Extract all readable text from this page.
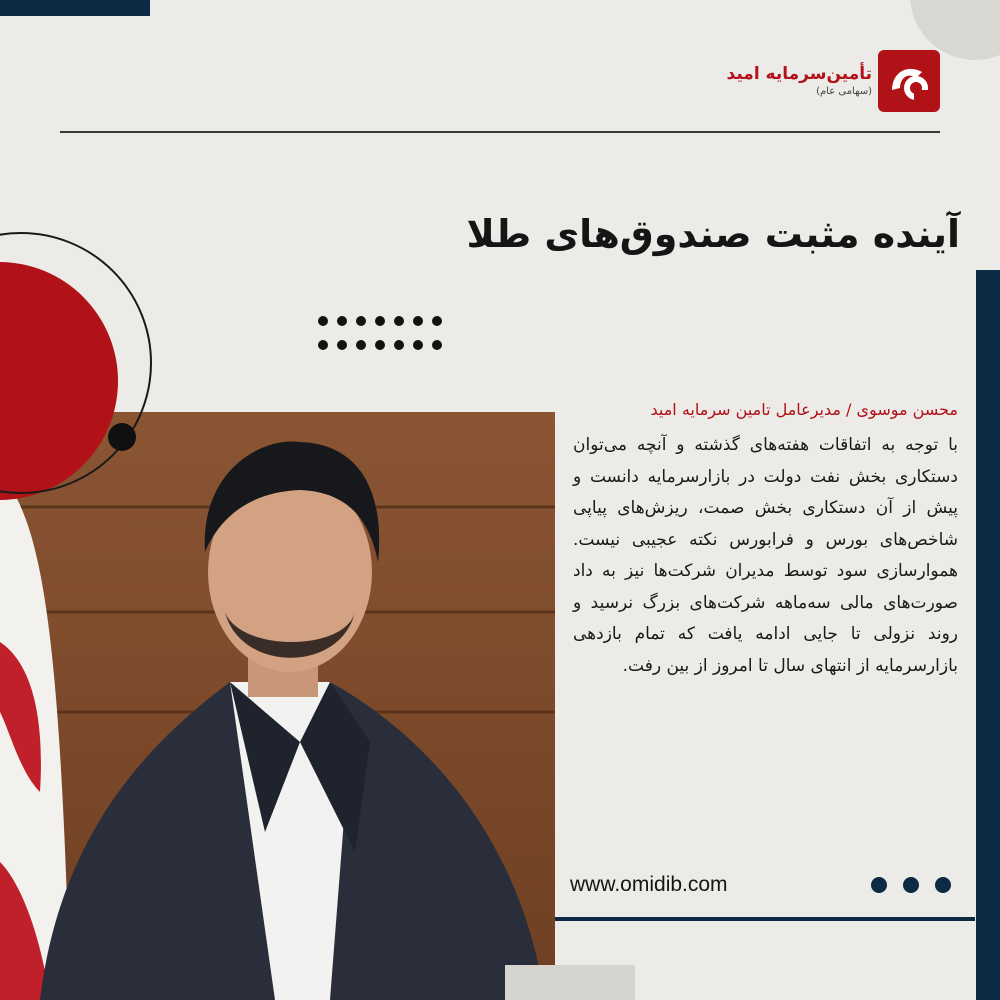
تأمین‌سرمایه امید
(سهامی عام)
آینده مثبت صندوق‌های طلا
محسن موسوی / مدیرعامل تامین سرمایه امید
با توجه به اتفاقات هفته‌های گذشته و آنچه می‌توان دستکاری بخش نفت دولت در بازارسرمایه دانست و پیش از آن دستکاری بخش صمت، ریزش‌های پیاپی شاخص‌های بورس و فرابورس نکته عجیبی نیست. هموارسازی سود توسط مدیران شرکت‌ها نیز به داد صورت‌های مالی سه‌ماهه شرکت‌های بزرگ نرسید و روند نزولی تا جایی ادامه یافت که تمام بازدهی بازارسرمایه از انتهای سال تا امروز از بین رفت.
www.omidib.com
